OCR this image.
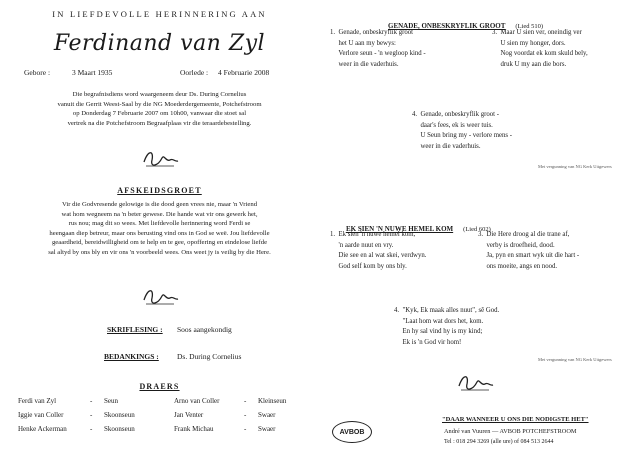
IN LIEFDEVOLLE HERINNERING AAN
Ferdinand van Zyl
Gebore :	3 Maart 1935	Oorlede : 4 Februarie 2008
Die begrafnisdiens word waargeneem deur Ds. During Cornelius
vanuit die Gerrit Weest-Saal by die NG Moederdergemeente, Potchefstroom
op Donderdag 7 Februarie 2007 om 10h00, vanwaar die stoet sal
vertrek na die Potchefstroom Begraafplaas vir die teraardebestelling.
AFSKEIDSGROET
Vir die Godvresende gelowige is die dood geen vrees nie, maar 'n Vriend
wat hom wegneem na 'n beter gewese. Die hande wat vir ons gewerk het,
rus nou; mag dit so wees. Met liefdevolle herinnering word Ferdi se
heengaan diep betreur, maar ons berusting vind ons in God se weë. Jou liefdevolle
geaardheid, bereidwilligheid om te help en te gee, opoffering en eindelose liefde
sal altyd by ons bly en vir ons 'n voorbeeld wees. Ons weet jy is veilig by die Here.
SKRIFLESING : Soos aangekondig
BEDANKINGS : Ds. During Cornelius
DRAERS
Ferdi van Zyl	- Seun	Arno van Coller	- Kleinseun
Iggie van Coller	- Skoonseun	Jan Venter	- Swaer
Henke Ackerman	- Skoonseun	Frank Michau	- Swaer
GENADE, ONBESKRYFLIK GROOT (Lied 510)
1.  Genade, onbeskryflik groot
het U aan my bewys:
Verlore seun - 'n wegloop kind -
weer in die vaderhuis.
3.  Maar U sien ver, oneindig ver
U sien my honger, dors.
Nog voordat ek kom skuld bely,
druk U my aan die bors.
4.  Genade, onbeskryflik groot -
daar's fees, ek is weer tuis.
U Seun bring my - verlore mens -
weer in die vaderhuis.
Met vergunning van NG Kerk Uitgewers
EK SIEN 'N NUWE HEMEL KOM (Lied 602)
1.  Ek sien 'n nuwe hemel kom,
'n aarde nuut en vry.
Die see en al wat skei, verdwyn.
God self kom by ons bly.
3.  Die Here droog al die trane af,
verby is droefheid, dood.
Ja, pyn en smart wyk uit die hart -
ons moeite, angs en nood.
4.  "Kyk, Ek maak alles nuut", sê God.
"Laat hom wat dors het, kom.
En hy sal vind hy is my kind;
Ek is 'n God vir hom!
Met vergunning van NG Kerk Uitgewers
AVBOB
"DAAR WANNEER U ONS DIE NODIGSTE HET"
André van Vuuren — AVBOB POTCHEFSTROOM
Tel : 018 294 3269 (alle ure) of 084 513 2644
